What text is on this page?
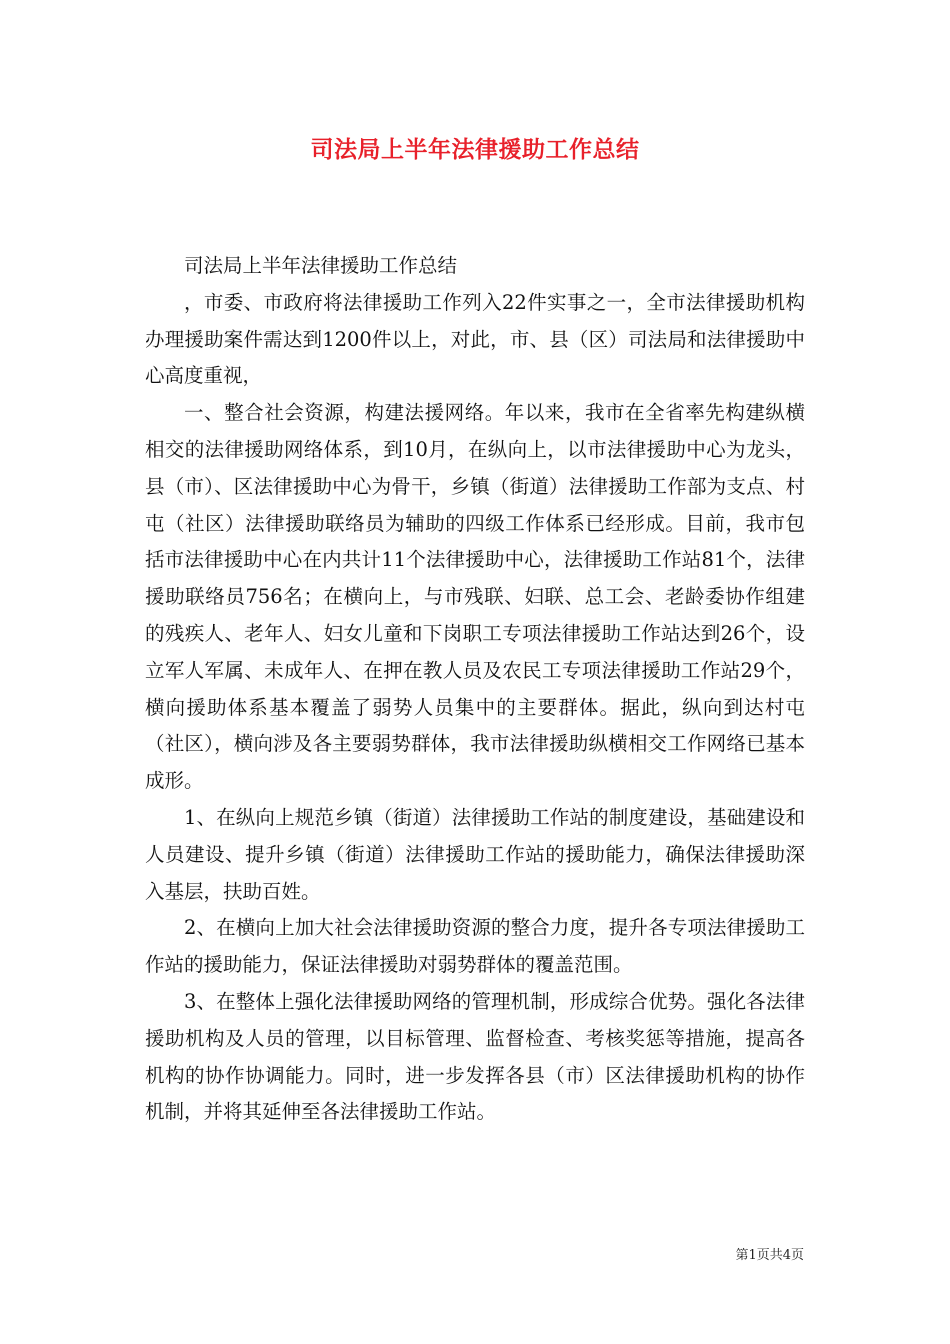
司法局上半年法律援助工作总结

司法局上半年法律援助工作总结

，市委、市政府将法律援助工作列入22件实事之一，全市法律援助机构办理援助案件需达到1200件以上，对此，市、县（区）司法局和法律援助中心高度重视，

一、整合社会资源，构建法援网络。年以来，我市在全省率先构建纵横相交的法律援助网络体系，到10月，在纵向上，以市法律援助中心为龙头，县（市）、区法律援助中心为骨干，乡镇（街道）法律援助工作部为支点、村屯（社区）法律援助联络员为辅助的四级工作体系已经形成。目前，我市包括市法律援助中心在内共计11个法律援助中心，法律援助工作站81个，法律援助联络员756名；在横向上，与市残联、妇联、总工会、老龄委协作组建的残疾人、老年人、妇女儿童和下岗职工专项法律援助工作站达到26个，设立军人军属、未成年人、在押在教人员及农民工专项法律援助工作站29个，横向援助体系基本覆盖了弱势人员集中的主要群体。据此，纵向到达村屯（社区），横向涉及各主要弱势群体，我市法律援助纵横相交工作网络已基本成形。

1、在纵向上规范乡镇（街道）法律援助工作站的制度建设，基础建设和人员建设、提升乡镇（街道）法律援助工作站的援助能力，确保法律援助深入基层，扶助百姓。

2、在横向上加大社会法律援助资源的整合力度，提升各专项法律援助工作站的援助能力，保证法律援助对弱势群体的覆盖范围。

3、在整体上强化法律援助网络的管理机制，形成综合优势。强化各法律援助机构及人员的管理，以目标管理、监督检查、考核奖惩等措施，提高各机构的协作协调能力。同时，进一步发挥各县（市）区法律援助机构的协作机制，并将其延伸至各法律援助工作站。

第1页共4页
